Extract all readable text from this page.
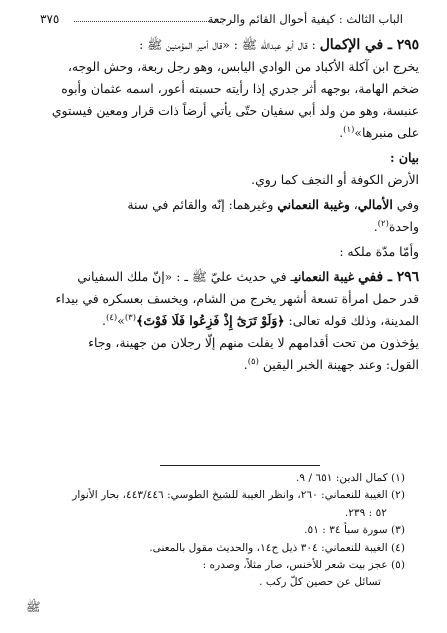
الباب الثالث : كيفية أحوال القائم والرجعة
٣٧٥

٢٩٥ ـ في الإكمال : قال أبو عبدالله ﷺ : «قال أمير المؤمنين ﷺ :

يخرج ابن آكلة الأكباد من الوادي اليابس، وهو رجل ربعة، وحش الوجه،

ضخم الهامة، بوجهه أثر جدري إذا رأيته حسبته أعور، اسمه عثمان وأبوه

عنبسة، وهو من ولد أبي سفيان حتّى يأتي أرضاً ذات قرار ومعين فيستوي

على منبرها»$^{(١)}$.

بيان :

الأرض الكوفة أو النجف كما روي.

وفي الأمالي، وغيبة النعماني وغيرهما: إنّه والقائم في سنة

واحدة$^{(٢)}$.

وأمّا مدّة ملكه :

٢٩٦ ـ ففي غيبة النعمانيـ في حديث عليّ ﷺ ـ : «إنّ ملك السفياني

قدر حمل امرأة تسعة أشهر يخرج من الشام، ويخسف بعسكره في بيداء

المدينة، وذلك قوله تعالى: ﴿وَلَوْ تَرَىٰٓ إِذْ فَزِعُوا فَلَا فَوْتَ﴾$^{(٣)}$»$^{(٤)}$.

يؤخذون من تحت أقدامهم لا يفلت منهم إلّا رجلان من جهينة، وجاء

القول: وعند جهينة الخبر اليقين $^{(٥)}$.

(١) كمال الدين: ٦٥١ / ٩.
(٢) الغيبة للنعماني: ٢٦٠، وانظر الغيبة للشيخ الطوسي: ٤٤٣/٤٤٦، بحار الأنوار
٥٢ : ٢٣٩.
(٣) سورة سبأ ٣٤ : ٥١.
(٤) الغيبة للنعماني: ٣٠٤ ذيل ح١٤، والحديث مقول بالمعنى.
(٥) عجز بيت شعر للأخنس، صار مثلاً، وصدره :
تسائل عن حصين كلّ ركب .
ﷺ
